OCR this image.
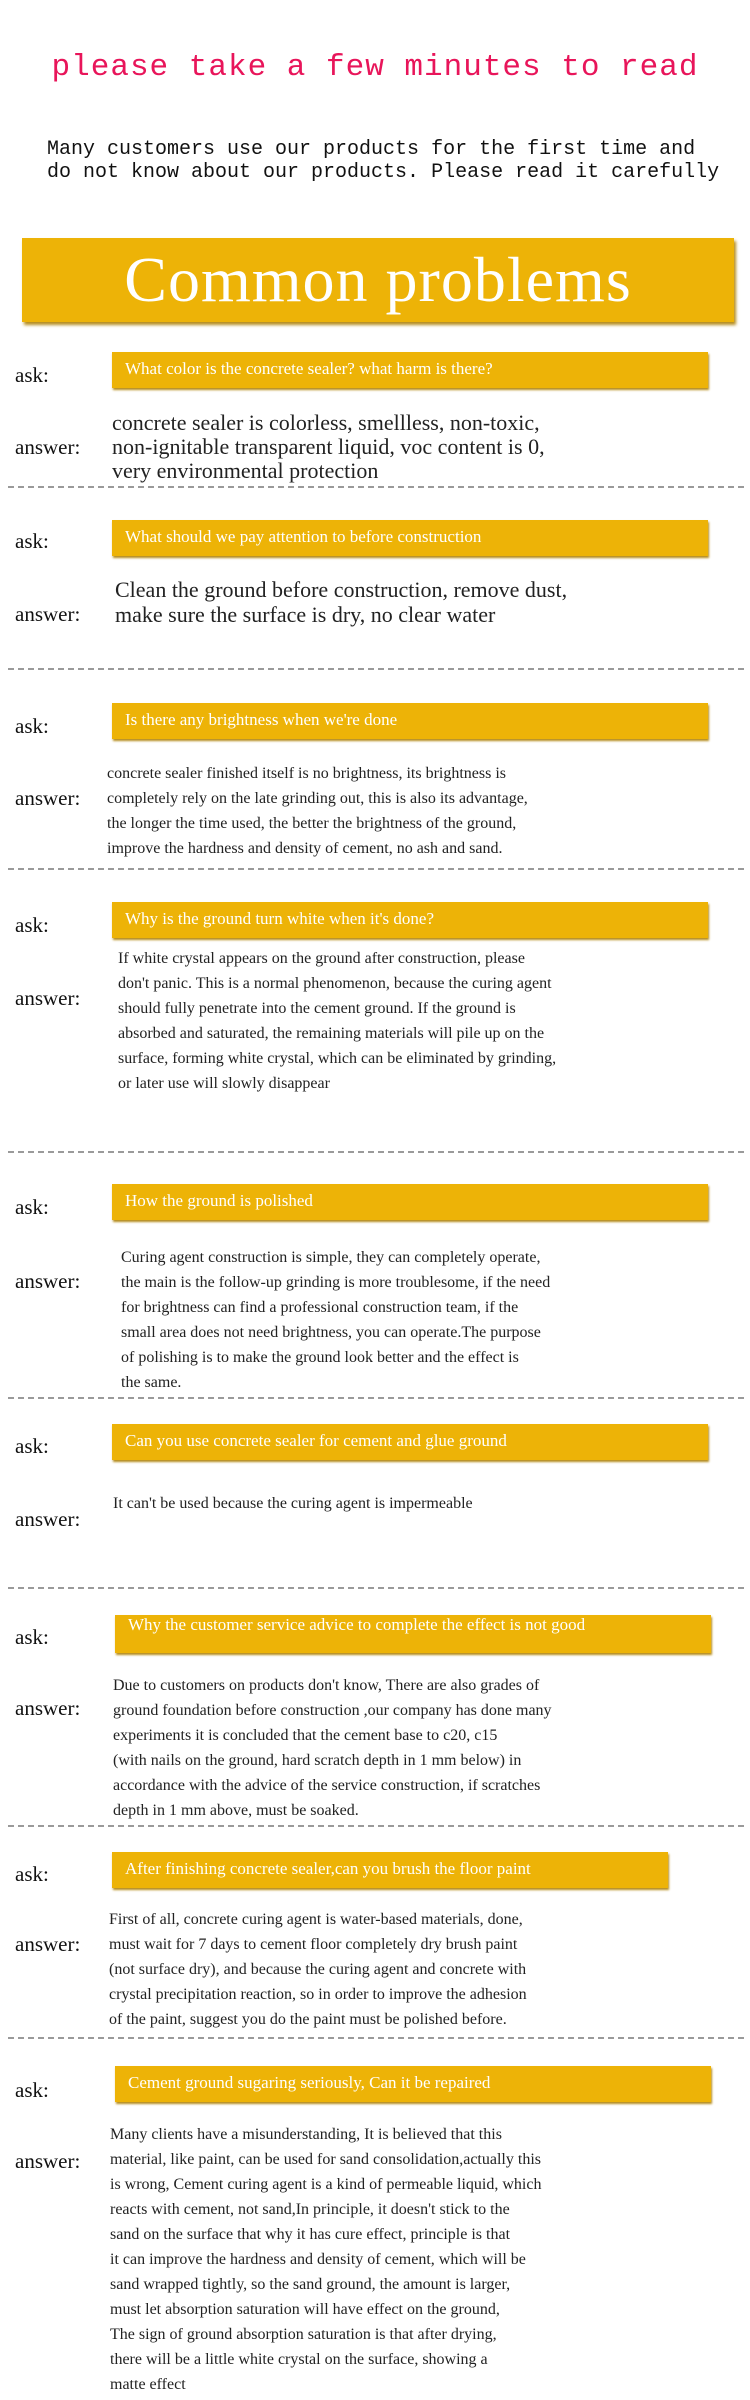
please take a few minutes to read
Many customers use our products for the first time and
do not know about our products. Please read it carefully
Common problems
ask:	What color is the concrete sealer? what harm is there?
answer:
concrete sealer is colorless, smellless, non-toxic,
non-ignitable transparent liquid, voc content is 0,
very environmental protection
ask:	What should we pay attention to before construction
answer:
Clean the ground before construction, remove dust,
make sure the surface is dry, no clear water
ask:	Is there any brightness when we're done
answer:
concrete sealer finished itself is no brightness, its brightness is
completely rely on the late grinding out, this is also its advantage,
the longer the time used, the better the brightness of the ground,
improve the hardness and density of cement, no ash and sand.
ask:	Why is the ground turn white when it's done?
answer:
If white crystal appears on the ground after construction, please
don't panic. This is a normal phenomenon, because the curing agent
should fully penetrate into the cement ground. If the ground is
absorbed and saturated, the remaining materials will pile up on the
surface, forming white crystal, which can be eliminated by grinding,
or later use will slowly disappear
ask:	How the ground is polished
answer:
Curing agent construction is simple, they can completely operate,
the main is the follow-up grinding is more troublesome, if the need
for brightness can find a professional construction team, if the
small area does not need brightness, you can operate.The purpose
of polishing is to make the ground look better and the effect is
the same.
ask:	Can you use concrete sealer for cement and glue ground
answer:
It can't be used because the curing agent is impermeable
ask:
Why the customer service advice to complete the effect is not good
answer:
Due to customers on products don't know, There are also grades of
ground foundation before construction ,our company has done many
experiments it is concluded that the cement base to c20, c15
(with nails on the ground, hard scratch depth in 1 mm below) in
accordance with the advice of the service construction, if scratches
depth in 1 mm above, must be soaked.
ask:	After finishing concrete sealer,can you brush the floor paint
answer:
First of all, concrete curing agent is water-based materials, done,
must wait for 7 days to cement floor completely dry brush paint
(not surface dry), and because the curing agent and concrete with
crystal precipitation reaction, so in order to improve the adhesion
of the paint, suggest you do the paint must be polished before.
ask:	Cement ground sugaring seriously, Can it be repaired
answer:
Many clients have a misunderstanding, It is believed that this
material, like paint, can be used for sand consolidation,actually this
is wrong, Cement curing agent is a kind of permeable liquid, which
reacts with cement, not sand,In principle, it doesn't stick to the
sand on the surface that why it has cure effect, principle is that
it can improve the hardness and density of cement, which will be
sand wrapped tightly, so the sand ground, the amount is larger,
must let absorption saturation will have effect on the ground,
The sign of ground absorption saturation is that after drying,
there will be a little white crystal on the surface, showing a
matte effect
